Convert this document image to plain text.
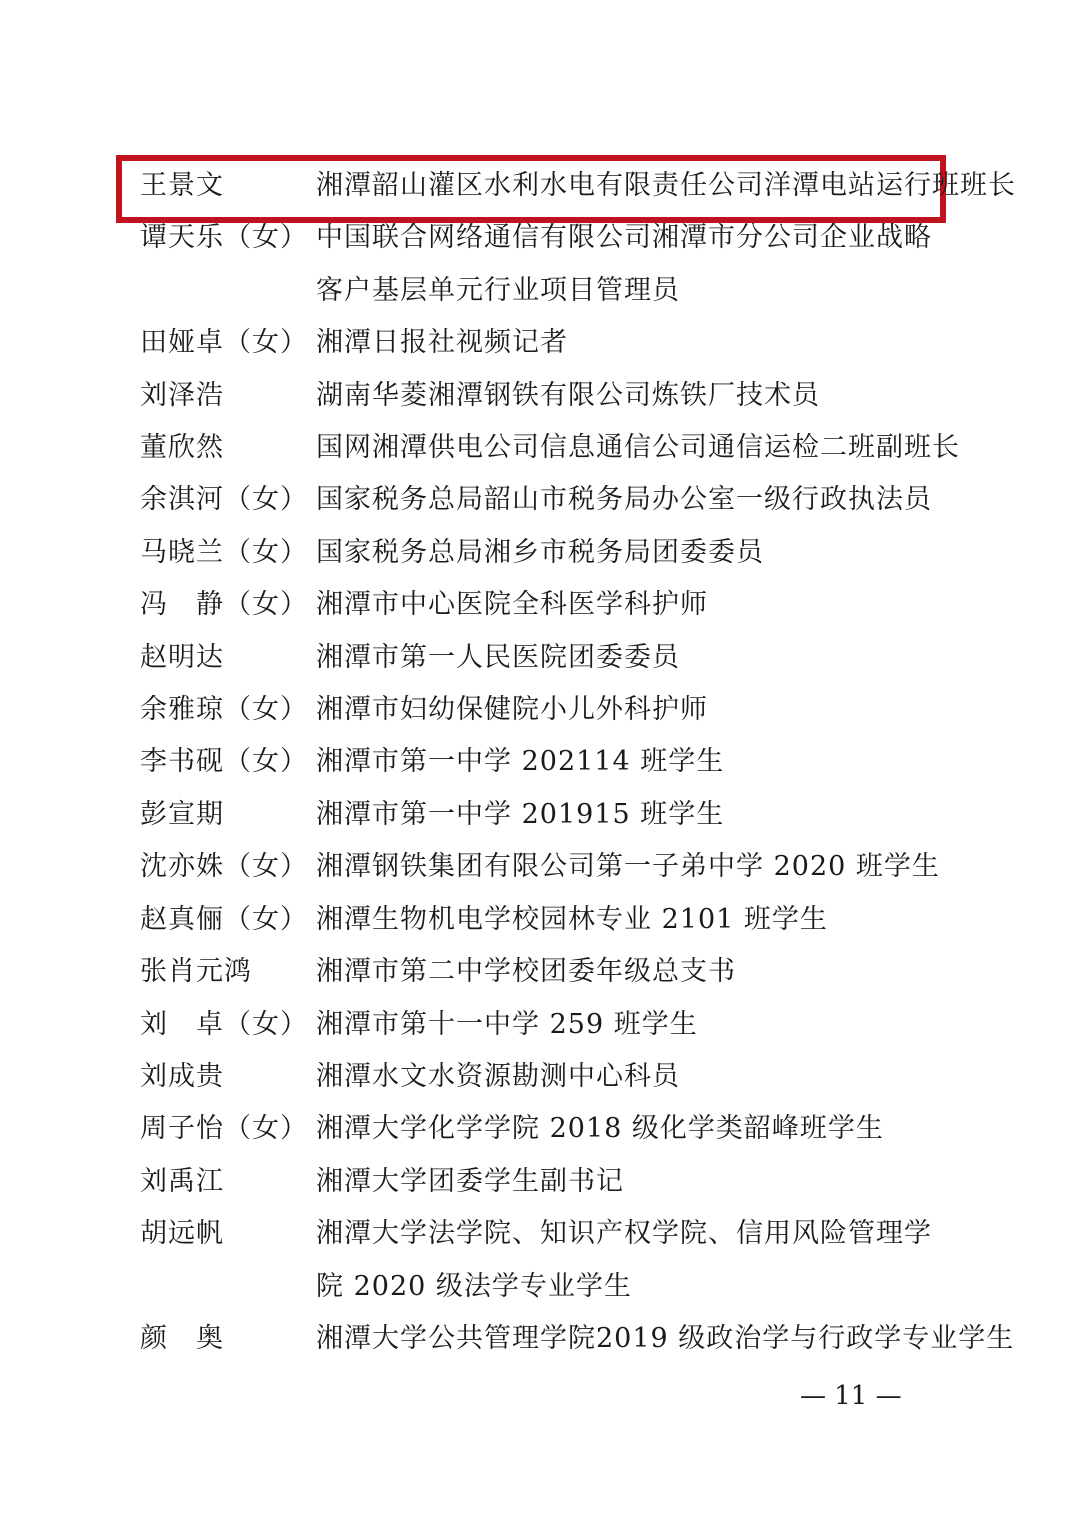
王景文	湘潭韶山灌区水利水电有限责任公司洋潭电站运行班班长
谭天乐（女） 中国联合网络通信有限公司湘潭市分公司企业战略
客户基层单元行业项目管理员
田娅卓（女） 湘潭日报社视频记者
刘泽浩	湖南华菱湘潭钢铁有限公司炼铁厂技术员
董欣然	国网湘潭供电公司信息通信公司通信运检二班副班长
余淇河（女） 国家税务总局韶山市税务局办公室一级行政执法员
马晓兰（女） 国家税务总局湘乡市税务局团委委员
冯　静（女） 湘潭市中心医院全科医学科护师
赵明达	湘潭市第一人民医院团委委员
余雅琼（女） 湘潭市妇幼保健院小儿外科护师
李书砚（女） 湘潭市第一中学 202114 班学生
彭宣期	湘潭市第一中学 201915 班学生
沈亦姝（女） 湘潭钢铁集团有限公司第一子弟中学 2020 班学生
赵真俪（女） 湘潭生物机电学校园林专业 2101 班学生
张肖元鸿	湘潭市第二中学校团委年级总支书
刘　卓（女） 湘潭市第十一中学 259 班学生
刘成贵	湘潭水文水资源勘测中心科员
周子怡（女） 湘潭大学化学学院 2018 级化学类韶峰班学生
刘禹江	湘潭大学团委学生副书记
胡远帆	湘潭大学法学院、知识产权学院、信用风险管理学
院 2020 级法学专业学生
颜　奥	湘潭大学公共管理学院2019 级政治学与行政学专业学生
— 11 —
